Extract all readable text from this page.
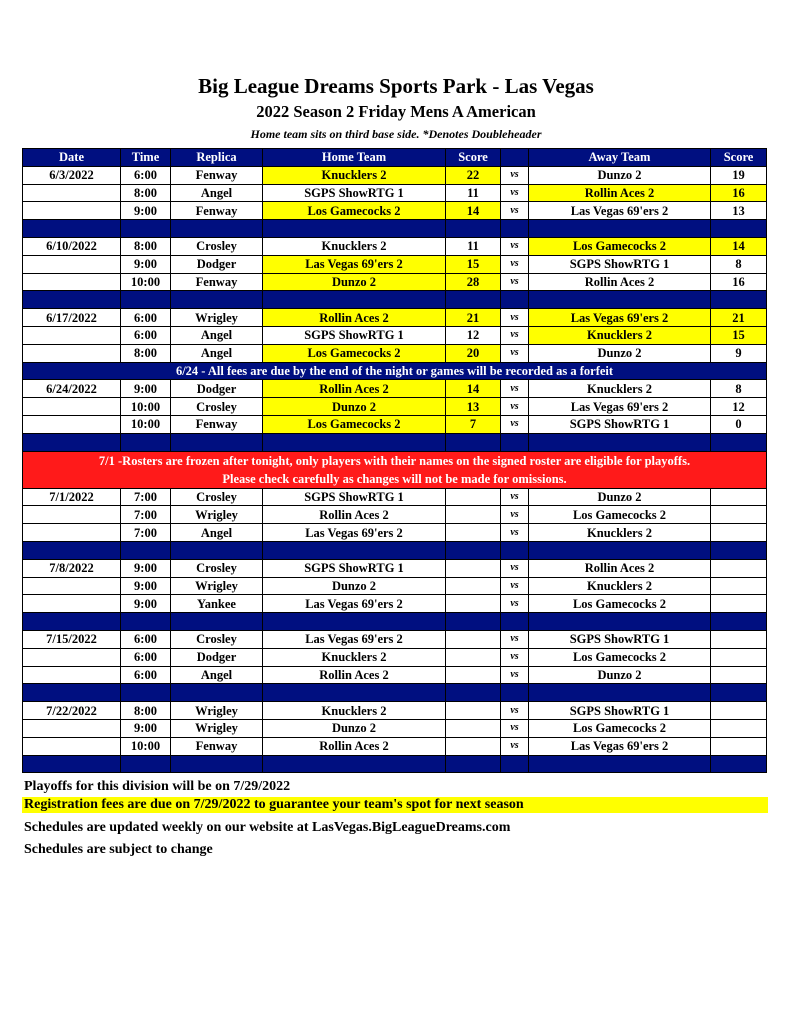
Big League Dreams Sports Park - Las Vegas
2022 Season 2 Friday Mens A American
Home team sits on third base side. *Denotes Doubleheader
Date	Time	Replica	Home Team	Score		Away Team	Score
6/3/2022	6:00	Fenway	Knucklers 2	22	vs	Dunzo 2	19
	8:00	Angel	SGPS ShowRTG 1	11	vs	Rollin Aces 2	16
	9:00	Fenway	Los Gamecocks 2	14	vs	Las Vegas 69'ers 2	13

6/10/2022	8:00	Crosley	Knucklers 2	11	vs	Los Gamecocks 2	14
	9:00	Dodger	Las Vegas 69'ers 2	15	vs	SGPS ShowRTG 1	8
	10:00	Fenway	Dunzo 2	28	vs	Rollin Aces 2	16

6/17/2022	6:00	Wrigley	Rollin Aces 2	21	vs	Las Vegas 69'ers 2	21
	6:00	Angel	SGPS ShowRTG 1	12	vs	Knucklers 2	15
	8:00	Angel	Los Gamecocks 2	20	vs	Dunzo 2	9
6/24 - All fees are due by the end of the night or games will be recorded as a forfeit							
6/24/2022	9:00	Dodger	Rollin Aces 2	14	vs	Knucklers 2	8
	10:00	Crosley	Dunzo 2	13	vs	Las Vegas 69'ers 2	12
	10:00	Fenway	Los Gamecocks 2	7	vs	SGPS ShowRTG 1	0

7/1 -Rosters are frozen after tonight, only players with their names on the signed roster are eligible for playoffs.
Please check carefully as changes will not be made for omissions.							

7/1/2022	7:00	Crosley	SGPS ShowRTG 1		vs	Dunzo 2	
	7:00	Wrigley	Rollin Aces 2		vs	Los Gamecocks 2	
	7:00	Angel	Las Vegas 69'ers 2		vs	Knucklers 2	

7/8/2022	9:00	Crosley	SGPS ShowRTG 1		vs	Rollin Aces 2	
	9:00	Wrigley	Dunzo 2		vs	Knucklers 2	
	9:00	Yankee	Las Vegas 69'ers 2		vs	Los Gamecocks 2	

7/15/2022	6:00	Crosley	Las Vegas 69'ers 2		vs	SGPS ShowRTG 1	
	6:00	Dodger	Knucklers 2		vs	Los Gamecocks 2	
	6:00	Angel	Rollin Aces 2		vs	Dunzo 2	

7/22/2022	8:00	Wrigley	Knucklers 2		vs	SGPS ShowRTG 1	
	9:00	Wrigley	Dunzo 2		vs	Los Gamecocks 2	
	10:00	Fenway	Rollin Aces 2		vs	Las Vegas 69'ers 2	

Playoffs for this division will be on 7/29/2022
Registration fees are due on 7/29/2022 to guarantee your team's spot for next season
Schedules are updated weekly on our website at LasVegas.BigLeagueDreams.com
Schedules are subject to change
